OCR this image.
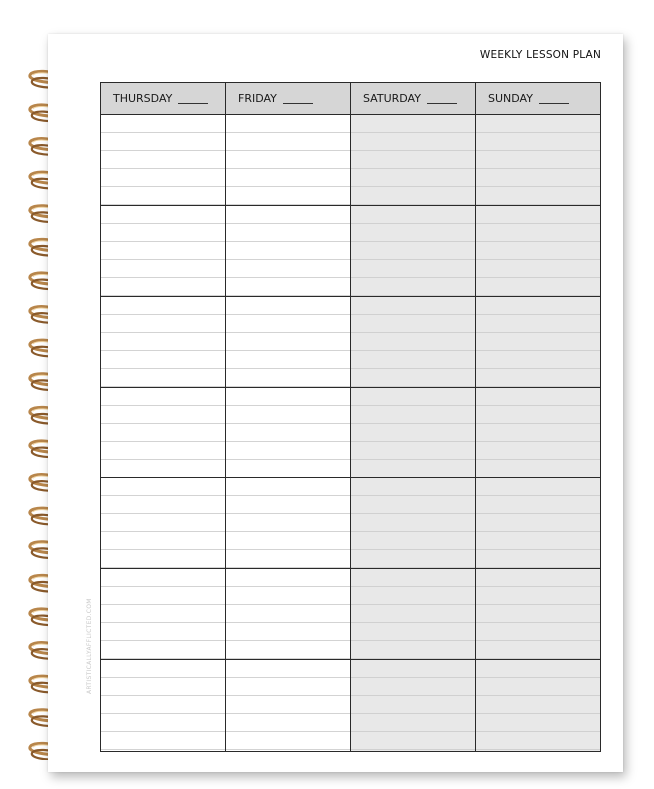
WEEKLY LESSON PLAN
ARTISTICALLYAFFLICTED.COM
THURSDAY	FRIDAY	SATURDAY	SUNDAY
